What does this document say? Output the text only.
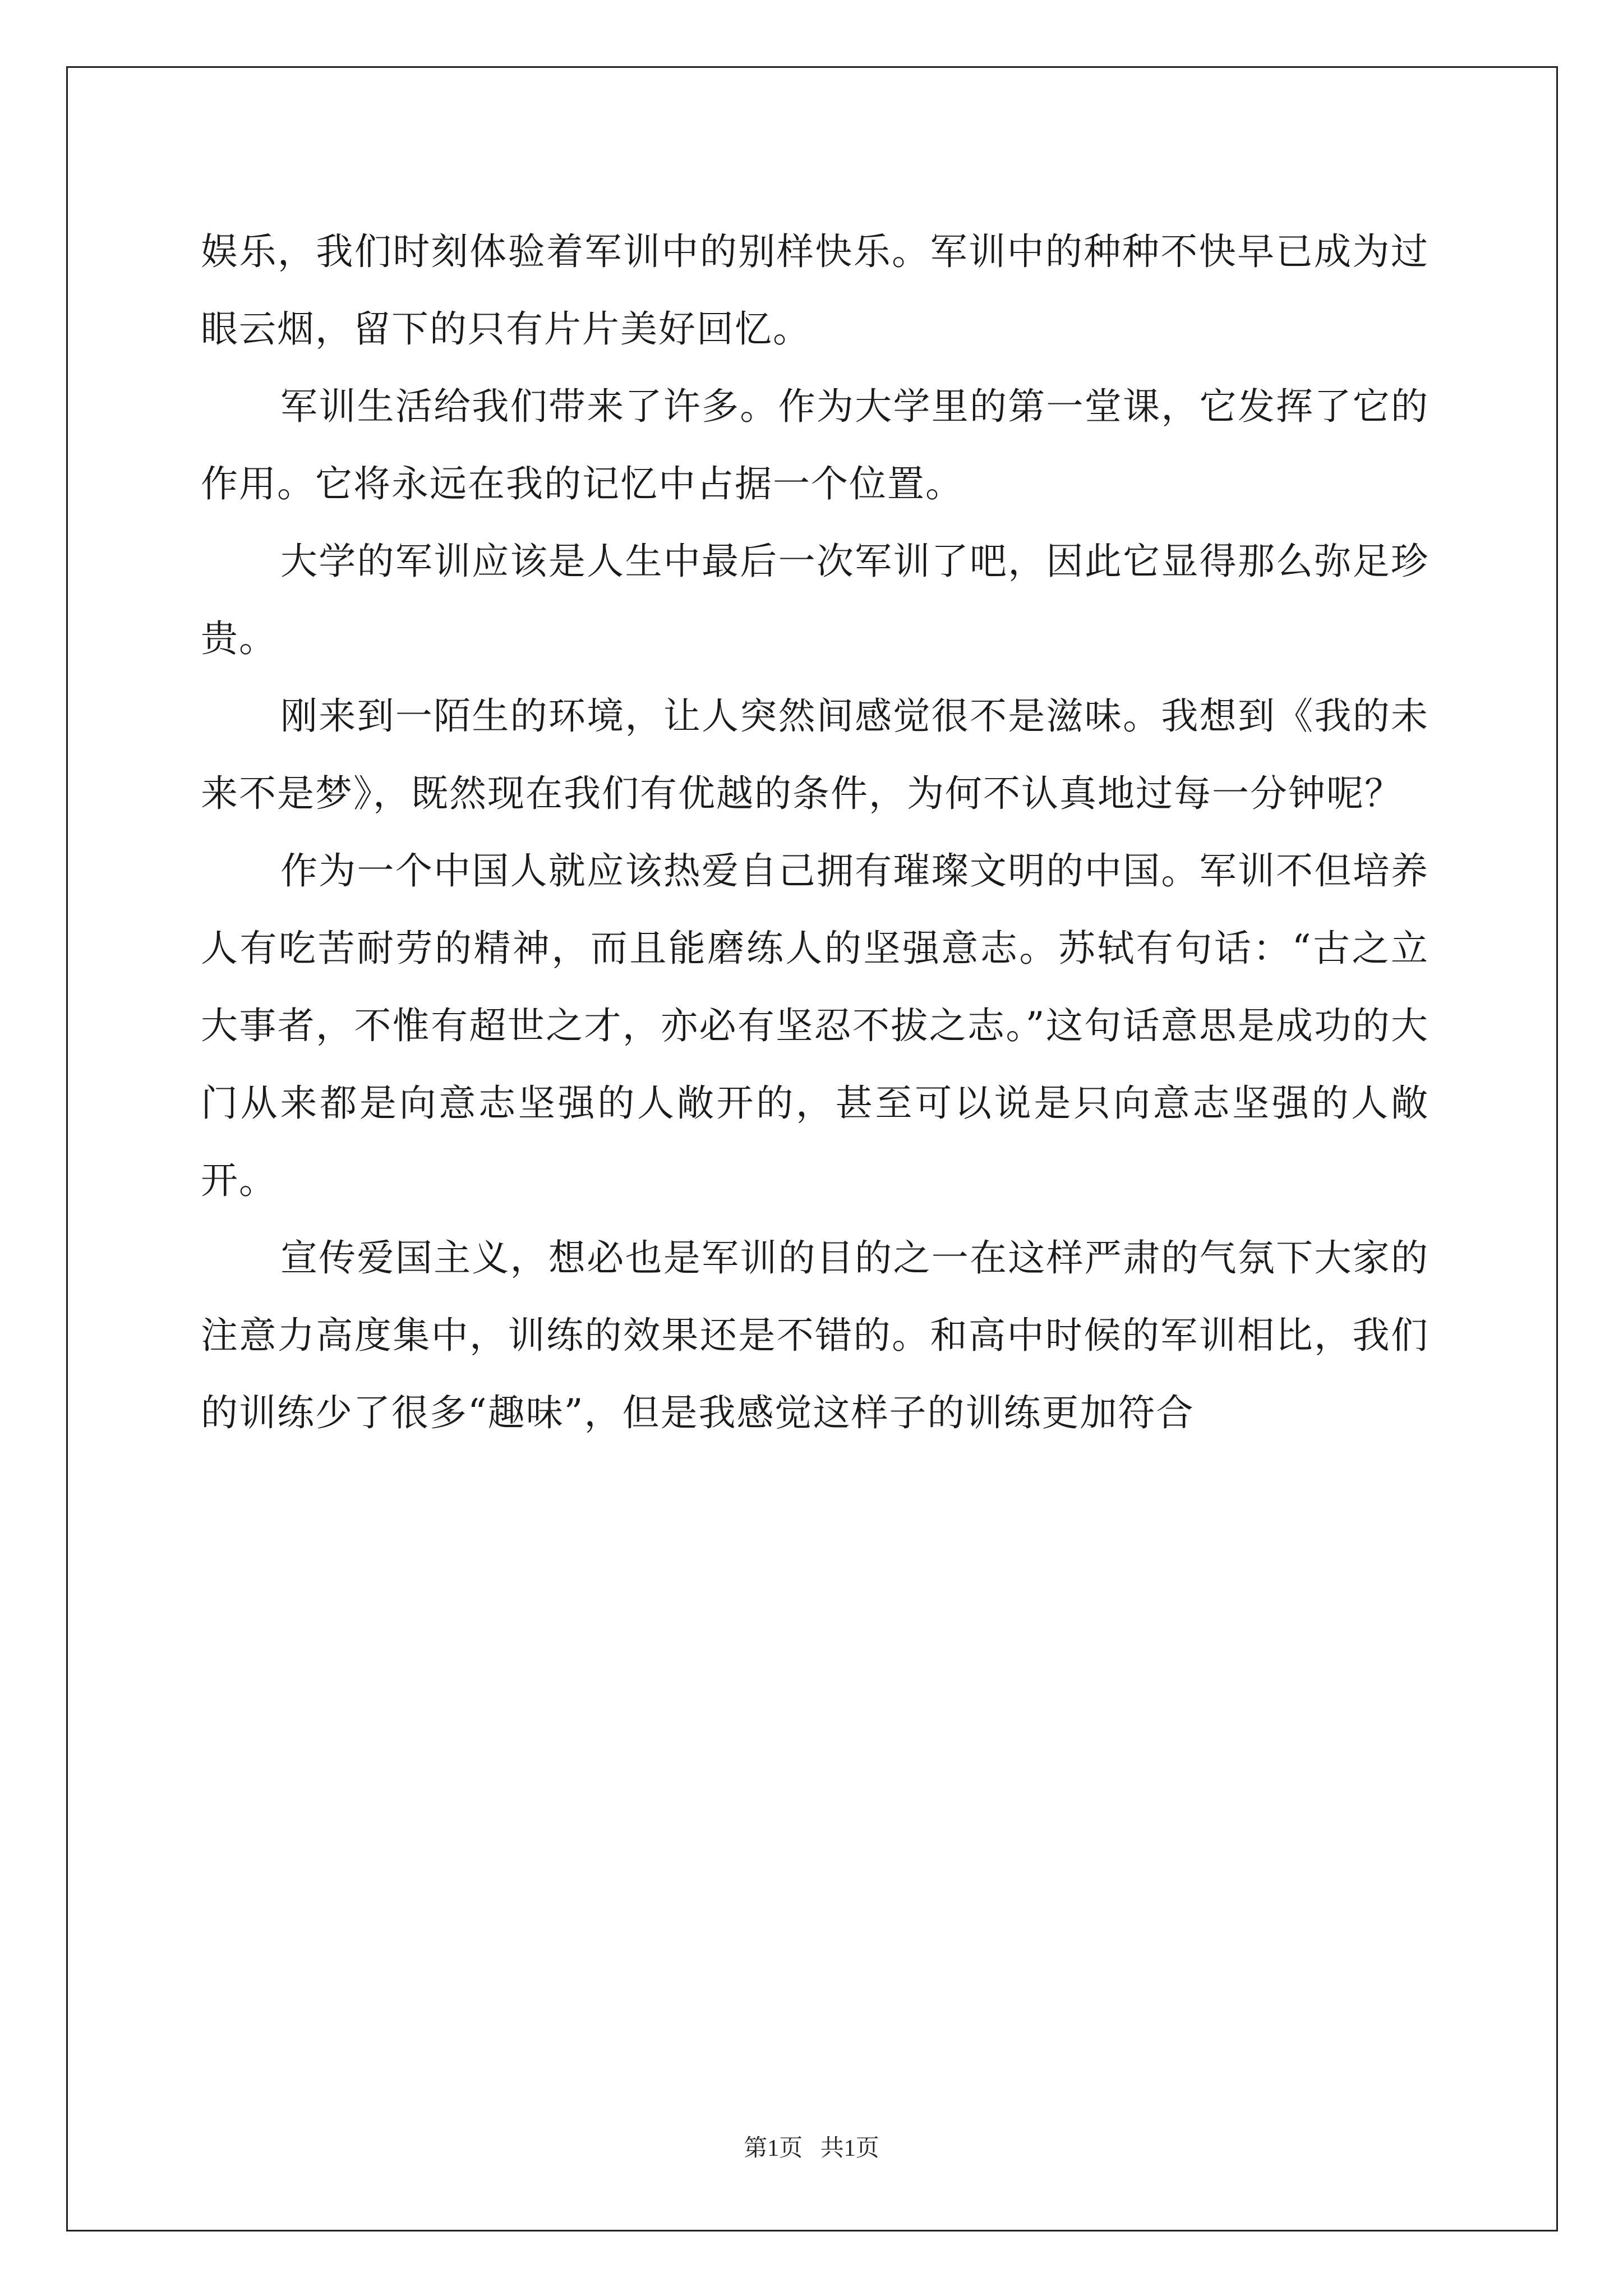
娱乐，我们时刻体验着军训中的别样快乐。军训中的种种不快早已成为过眼云烟，留下的只有片片美好回忆。

军训生活给我们带来了许多。作为大学里的第一堂课，它发挥了它的作用。它将永远在我的记忆中占据一个位置。

大学的军训应该是人生中最后一次军训了吧，因此它显得那么弥足珍贵。

刚来到一陌生的环境，让人突然间感觉很不是滋味。我想到《我的未来不是梦》，既然现在我们有优越的条件，为何不认真地过每一分钟呢？

作为一个中国人就应该热爱自己拥有璀璨文明的中国。军训不但培养人有吃苦耐劳的精神，而且能磨练人的坚强意志。苏轼有句话：“古之立大事者，不惟有超世之才，亦必有坚忍不拔之志。”这句话意思是成功的大门从来都是向意志坚强的人敞开的，甚至可以说是只向意志坚强的人敞开。

宣传爱国主义，想必也是军训的目的之一在这样严肃的气氛下大家的注意力高度集中，训练的效果还是不错的。和高中时候的军训相比，我们的训练少了很多“趣味”，但是我感觉这样子的训练更加符合

第1页 共1页
